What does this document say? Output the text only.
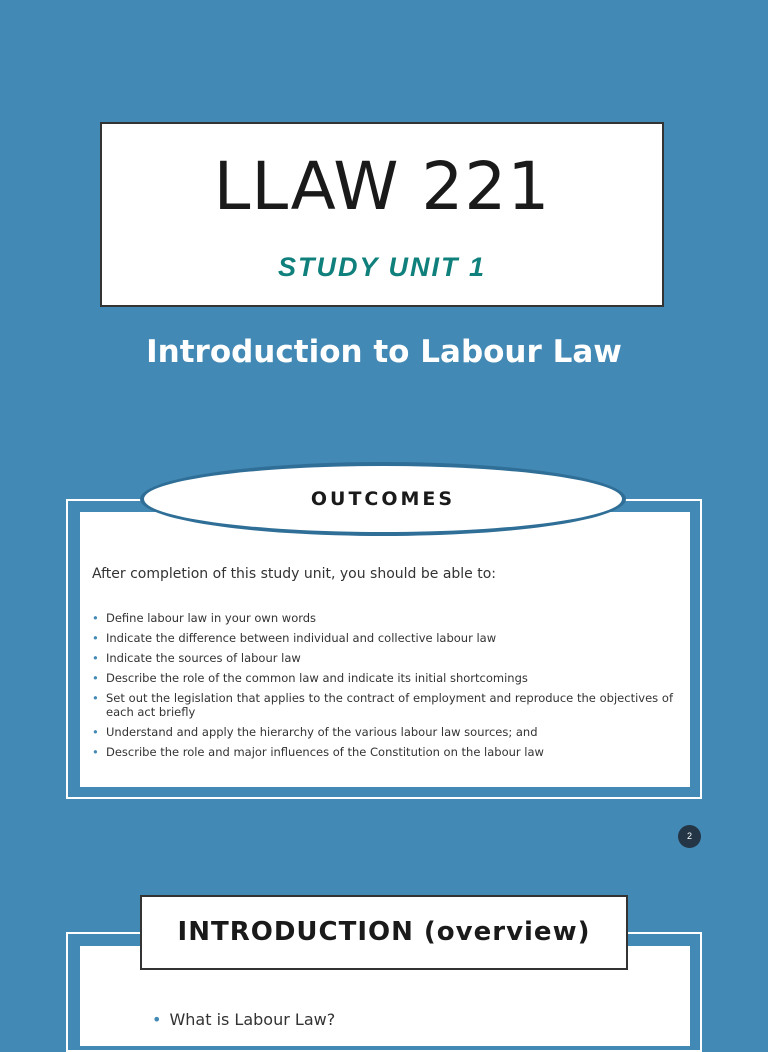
LLAW 221
STUDY UNIT 1
Introduction to Labour Law
OUTCOMES
After completion of this study unit, you should be able to:
• Define labour law in your own words
• Indicate the difference between individual and collective labour law
• Indicate the sources of labour law
• Describe the role of the common law and indicate its initial shortcomings
• Set out the legislation that applies to the contract of employment and reproduce the objectives of each act briefly
• Understand and apply the hierarchy of the various labour law sources; and
• Describe the role and major influences of the Constitution on the labour law
2
INTRODUCTION (overview)
• What is Labour Law?
